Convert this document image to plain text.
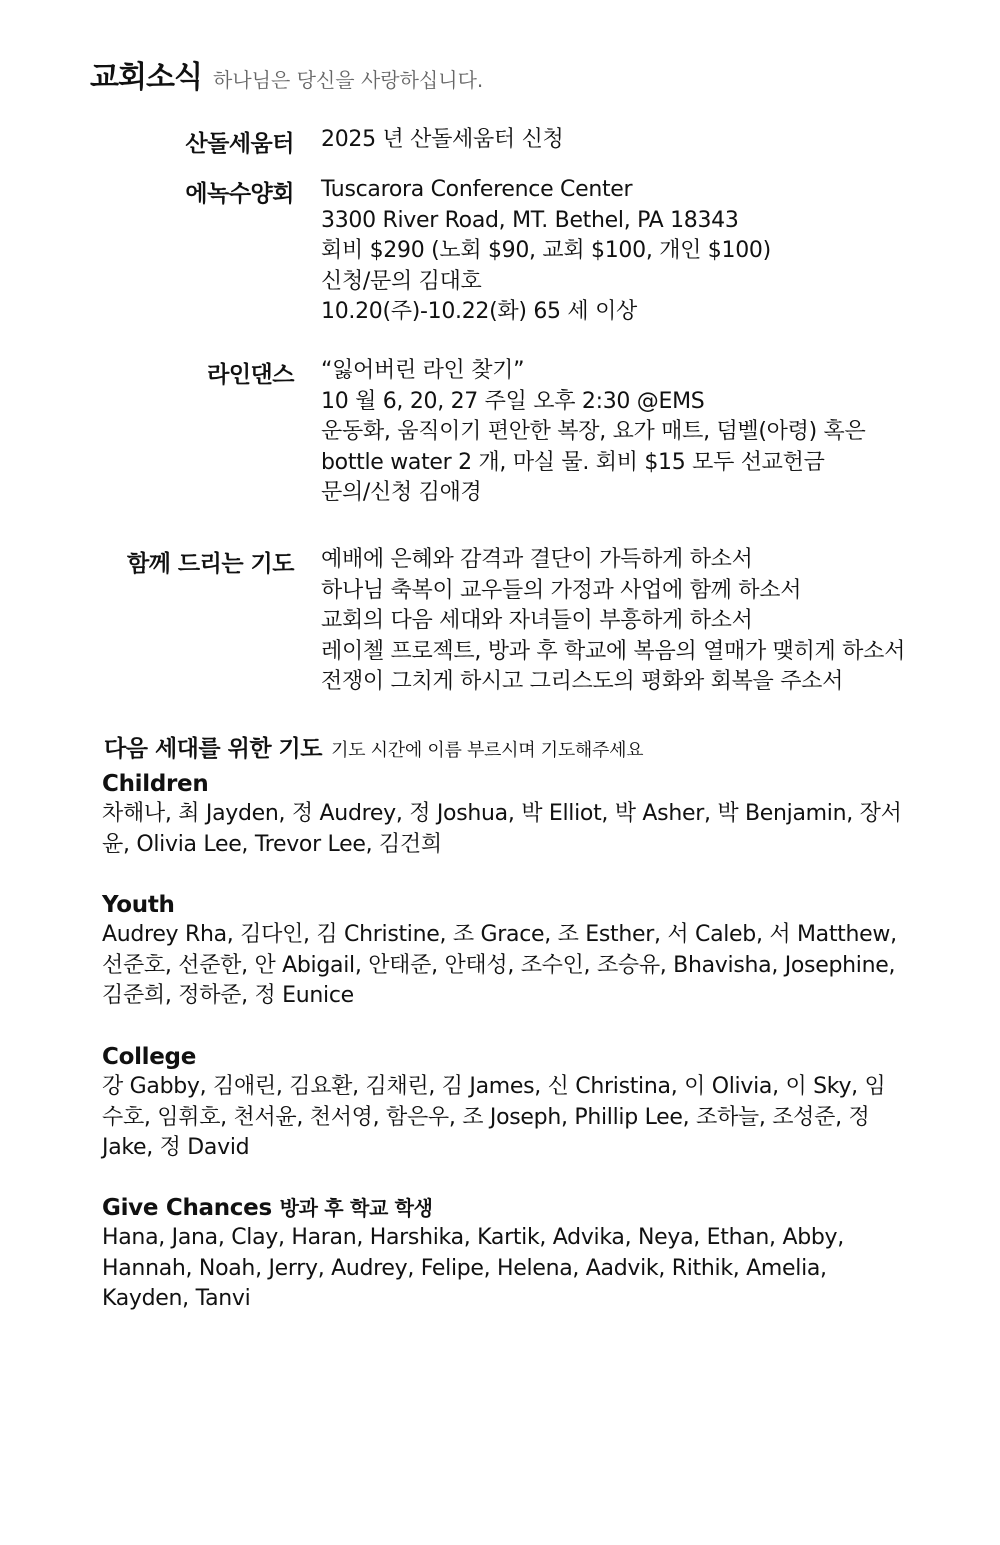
교회소식 하나님은 당신을 사랑하십니다.
산돌세움터 2025 년 산돌세움터 신청
에녹수양회 Tuscarora Conference Center
3300 River Road, MT. Bethel, PA 18343
회비 $290 (노회 $90, 교회 $100, 개인 $100)
신청/문의 김대호
10.20(주)-10.22(화) 65 세 이상
라인댄스 “잃어버린 라인 찾기”
10 월 6, 20, 27 주일 오후 2:30 @EMS
운동화, 움직이기 편안한 복장, 요가 매트, 덤벨(아령) 혹은
bottle water 2 개, 마실 물. 회비 $15 모두 선교헌금
문의/신청 김애경
함께 드리는 기도 예배에 은혜와 감격과 결단이 가득하게 하소서
하나님 축복이 교우들의 가정과 사업에 함께 하소서
교회의 다음 세대와 자녀들이 부흥하게 하소서
레이첼 프로젝트, 방과 후 학교에 복음의 열매가 맺히게 하소서
전쟁이 그치게 하시고 그리스도의 평화와 회복을 주소서
다음 세대를 위한 기도 기도 시간에 이름 부르시며 기도해주세요
Children
차해나, 최 Jayden, 정 Audrey, 정 Joshua, 박 Elliot, 박 Asher, 박 Benjamin, 장서윤, Olivia Lee, Trevor Lee, 김건희
Youth
Audrey Rha, 김다인, 김 Christine, 조 Grace, 조 Esther, 서 Caleb, 서 Matthew, 선준호, 선준한, 안 Abigail, 안태준, 안태성, 조수인, 조승유, Bhavisha, Josephine, 김준희, 정하준, 정 Eunice
College
강 Gabby, 김애린, 김요환, 김채린, 김 James, 신 Christina, 이 Olivia, 이 Sky, 임수호, 임휘호, 천서윤, 천서영, 함은우, 조 Joseph, Phillip Lee, 조하늘, 조성준, 정 Jake, 정 David
Give Chances 방과 후 학교 학생
Hana, Jana, Clay, Haran, Harshika, Kartik, Advika, Neya, Ethan, Abby, Hannah, Noah, Jerry, Audrey, Felipe, Helena, Aadvik, Rithik, Amelia, Kayden, Tanvi
